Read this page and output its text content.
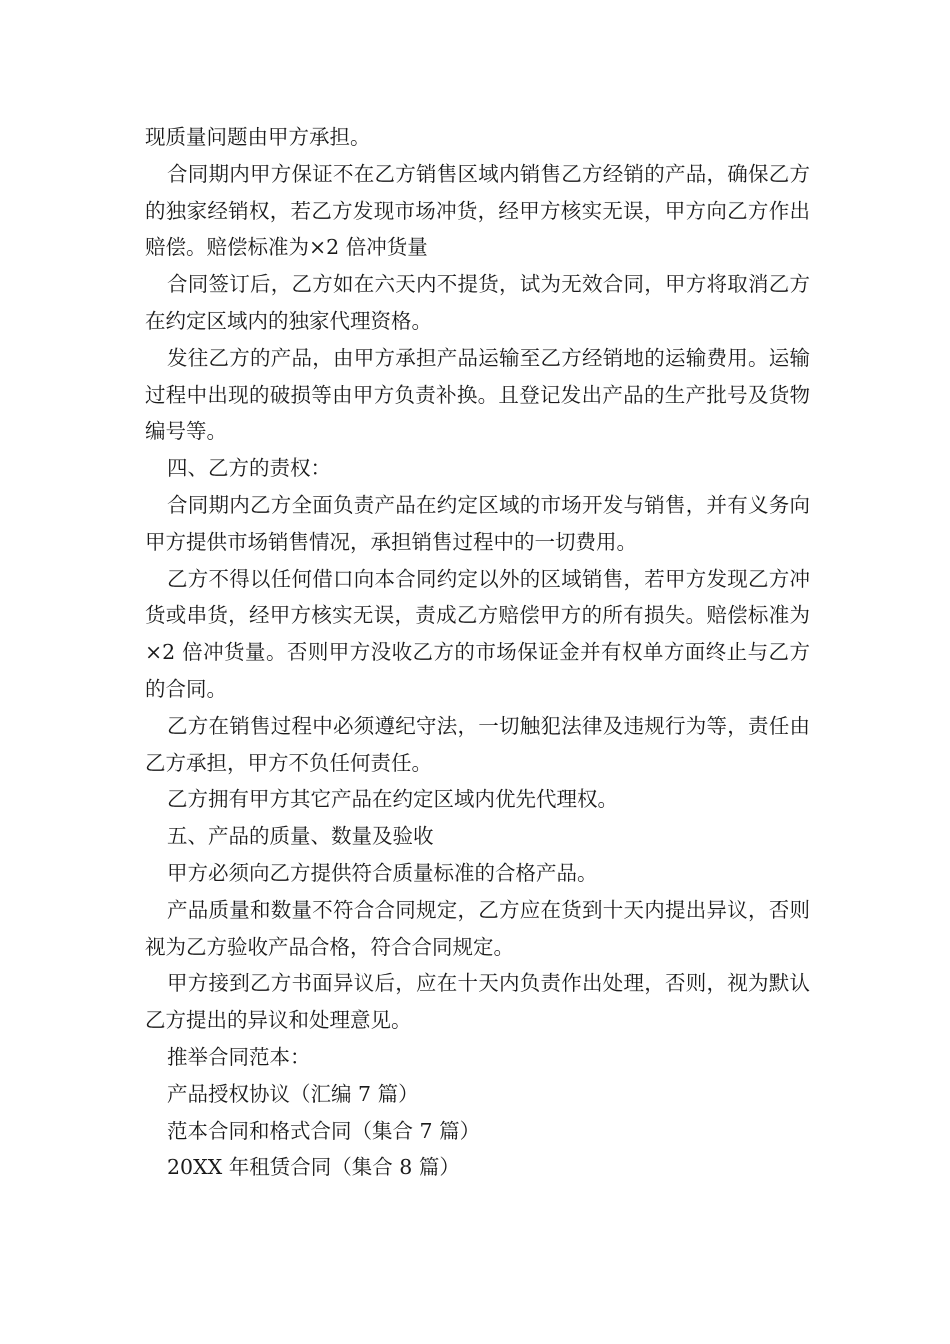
现质量问题由甲方承担。

合同期内甲方保证不在乙方销售区域内销售乙方经销的产品，确保乙方的独家经销权，若乙方发现市场冲货，经甲方核实无误，甲方向乙方作出赔偿。赔偿标准为×2 倍冲货量

合同签订后，乙方如在六天内不提货，试为无效合同，甲方将取消乙方在约定区域内的独家代理资格。

发往乙方的产品，由甲方承担产品运输至乙方经销地的运输费用。运输过程中出现的破损等由甲方负责补换。且登记发出产品的生产批号及货物编号等。

四、乙方的责权：

合同期内乙方全面负责产品在约定区域的市场开发与销售，并有义务向甲方提供市场销售情况，承担销售过程中的一切费用。

乙方不得以任何借口向本合同约定以外的区域销售，若甲方发现乙方冲货或串货，经甲方核实无误，责成乙方赔偿甲方的所有损失。赔偿标准为×2 倍冲货量。否则甲方没收乙方的市场保证金并有权单方面终止与乙方的合同。

乙方在销售过程中必须遵纪守法，一切触犯法律及违规行为等，责任由乙方承担，甲方不负任何责任。

乙方拥有甲方其它产品在约定区域内优先代理权。

五、产品的质量、数量及验收

甲方必须向乙方提供符合质量标准的合格产品。

产品质量和数量不符合合同规定，乙方应在货到十天内提出异议，否则视为乙方验收产品合格，符合合同规定。

甲方接到乙方书面异议后，应在十天内负责作出处理，否则，视为默认乙方提出的异议和处理意见。

推举合同范本：

产品授权协议（汇编 7 篇）

范本合同和格式合同（集合 7 篇）

20XX 年租赁合同（集合 8 篇）
